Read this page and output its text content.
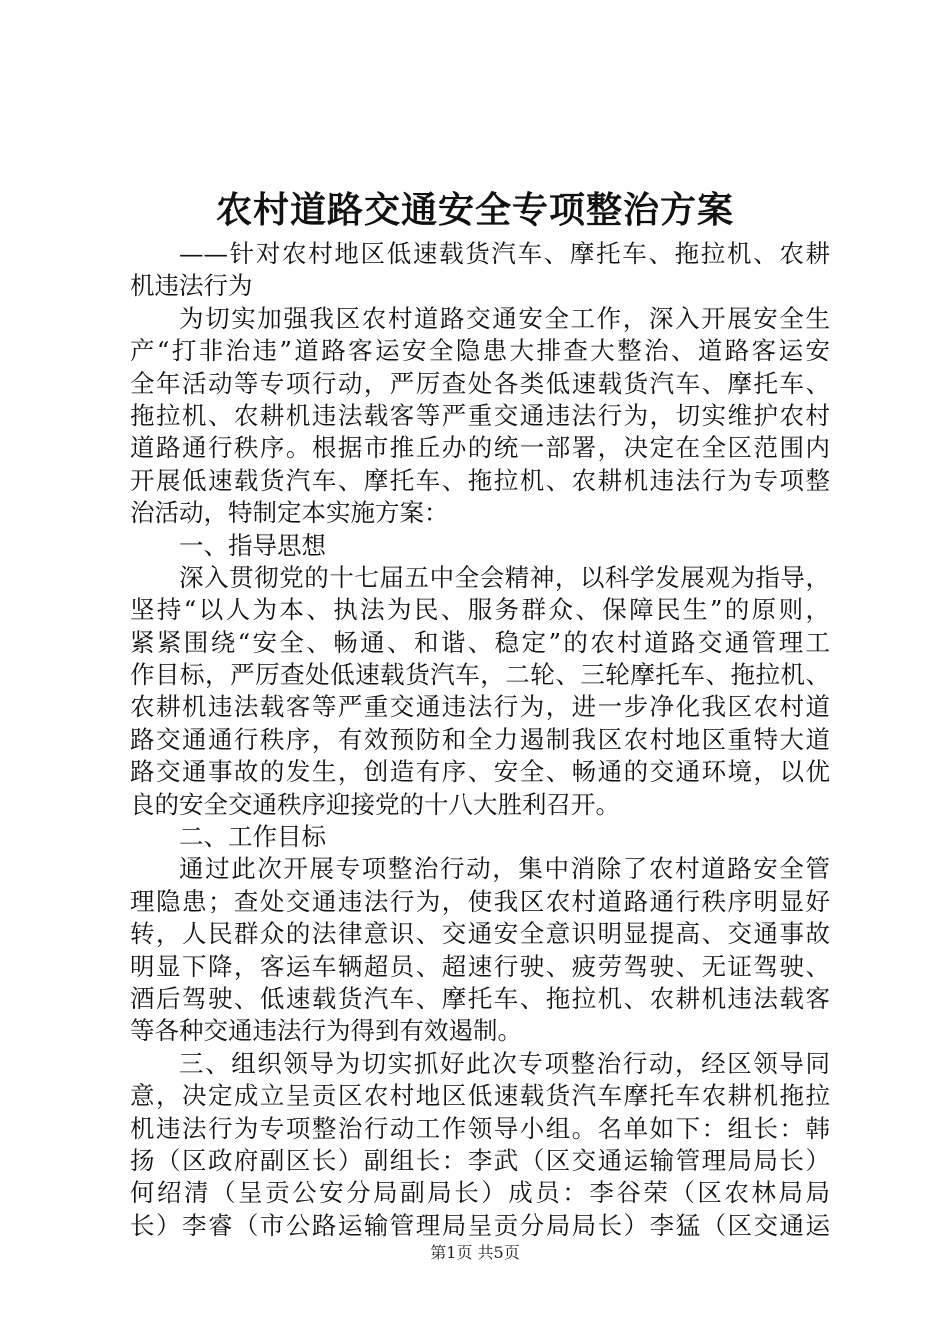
农村道路交通安全专项整治方案
——针对农村地区低速载货汽车、摩托车、拖拉机、农耕
机违法行为
为切实加强我区农村道路交通安全工作，深入开展安全生
产“打非治违”道路客运安全隐患大排查大整治、道路客运安
全年活动等专项行动，严厉查处各类低速载货汽车、摩托车、
拖拉机、农耕机违法载客等严重交通违法行为，切实维护农村
道路通行秩序。根据市推丘办的统一部署，决定在全区范围内
开展低速载货汽车、摩托车、拖拉机、农耕机违法行为专项整
治活动，特制定本实施方案：
一、指导思想
深入贯彻党的十七届五中全会精神，以科学发展观为指导，
坚持“以人为本、执法为民、服务群众、保障民生”的原则，
紧紧围绕“安全、畅通、和谐、稳定”的农村道路交通管理工
作目标，严厉查处低速载货汽车，二轮、三轮摩托车、拖拉机、
农耕机违法载客等严重交通违法行为，进一步净化我区农村道
路交通通行秩序，有效预防和全力遏制我区农村地区重特大道
路交通事故的发生，创造有序、安全、畅通的交通环境，以优
良的安全交通秩序迎接党的十八大胜利召开。
二、工作目标
通过此次开展专项整治行动，集中消除了农村道路安全管
理隐患；查处交通违法行为，使我区农村道路通行秩序明显好
转，人民群众的法律意识、交通安全意识明显提高、交通事故
明显下降，客运车辆超员、超速行驶、疲劳驾驶、无证驾驶、
酒后驾驶、低速载货汽车、摩托车、拖拉机、农耕机违法载客
等各种交通违法行为得到有效遏制。
三、组织领导为切实抓好此次专项整治行动，经区领导同
意，决定成立呈贡区农村地区低速载货汽车摩托车农耕机拖拉
机违法行为专项整治行动工作领导小组。名单如下：组长：韩
扬（区政府副区长）副组长：李武（区交通运输管理局局长）
何绍清（呈贡公安分局副局长）成员：李谷荣（区农林局局
长）李睿（市公路运输管理局呈贡分局局长）李猛（区交通运
第1页 共5页
